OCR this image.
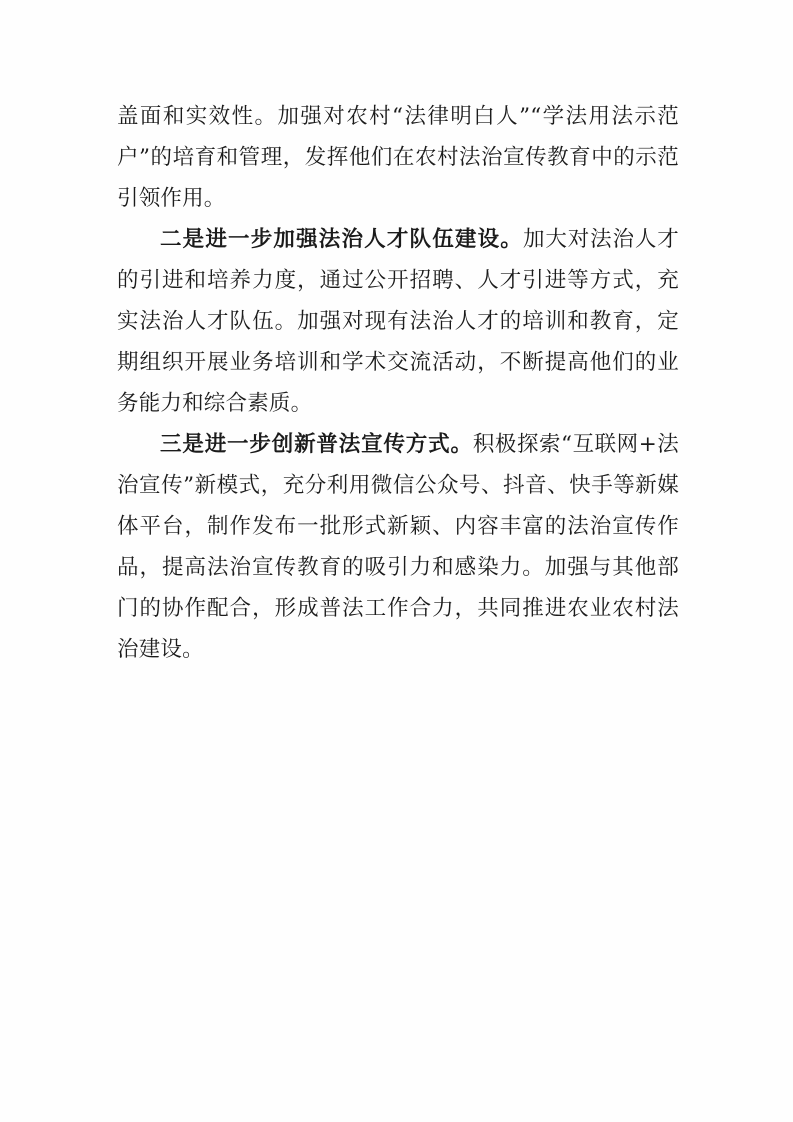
盖面和实效性。加强对农村“法律明白人”“学法用法示范户”的培育和管理，发挥他们在农村法治宣传教育中的示范引领作用。

二是进一步加强法治人才队伍建设。加大对法治人才的引进和培养力度，通过公开招聘、人才引进等方式，充实法治人才队伍。加强对现有法治人才的培训和教育，定期组织开展业务培训和学术交流活动，不断提高他们的业务能力和综合素质。

三是进一步创新普法宣传方式。积极探索“互联网+法治宣传”新模式，充分利用微信公众号、抖音、快手等新媒体平台，制作发布一批形式新颖、内容丰富的法治宣传作品，提高法治宣传教育的吸引力和感染力。加强与其他部门的协作配合，形成普法工作合力，共同推进农业农村法治建设。
